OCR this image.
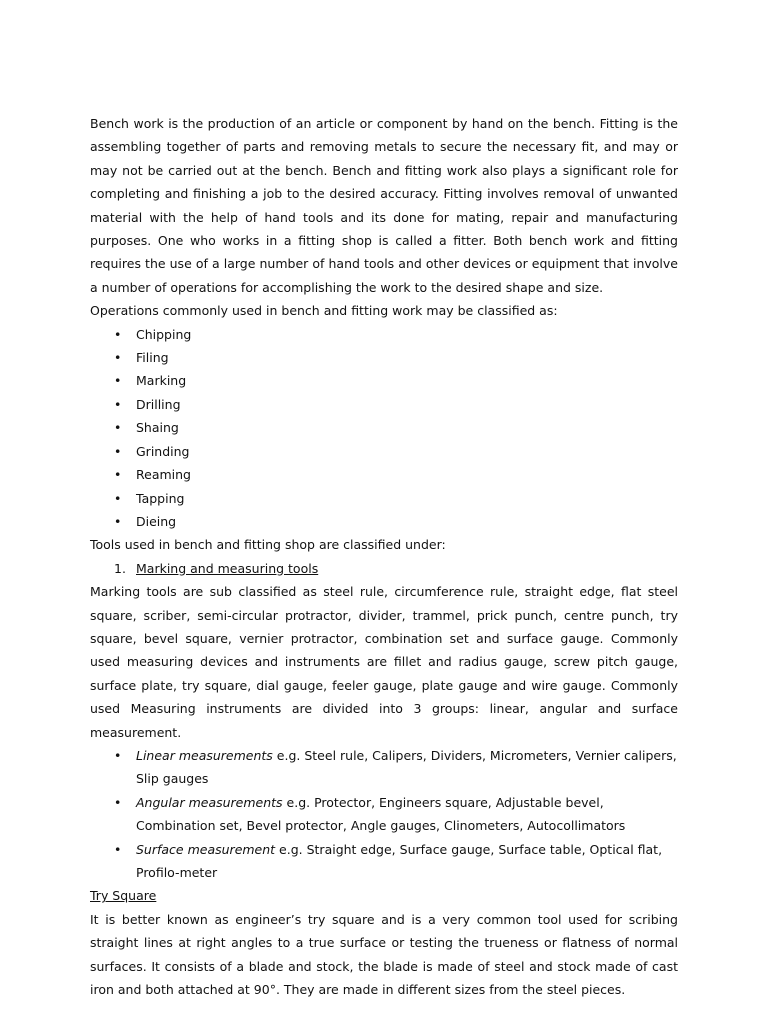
Bench work is the production of an article or component by hand on the bench. Fitting is the assembling together of parts and removing metals to secure the necessary fit, and may or may not be carried out at the bench. Bench and fitting work also plays a significant role for completing and finishing a job to the desired accuracy. Fitting involves removal of unwanted material with the help of hand tools and its done for mating, repair and manufacturing purposes. One who works in a fitting shop is called a fitter. Both bench work and fitting requires the use of a large number of hand tools and other devices or equipment that involve a number of operations for accomplishing the work to the desired shape and size.

Operations commonly used in bench and fitting work may be classified as:

• Chipping
• Filing
• Marking
• Drilling
• Shaing
• Grinding
• Reaming
• Tapping
• Dieing

Tools used in bench and fitting shop are classified under:

1. Marking and measuring tools

Marking tools are sub classified as steel rule, circumference rule, straight edge, flat steel square, scriber, semi-circular protractor, divider, trammel, prick punch, centre punch, try square, bevel square, vernier protractor, combination set and surface gauge. Commonly used measuring devices and instruments are fillet and radius gauge, screw pitch gauge, surface plate, try square, dial gauge, feeler gauge, plate gauge and wire gauge. Commonly used Measuring instruments are divided into 3 groups: linear, angular and surface measurement.

• Linear measurements e.g. Steel rule, Calipers, Dividers, Micrometers, Vernier calipers, Slip gauges
• Angular measurements e.g. Protector, Engineers square, Adjustable bevel, Combination set, Bevel protector, Angle gauges, Clinometers, Autocollimators
• Surface measurement e.g. Straight edge, Surface gauge, Surface table, Optical flat, Profilo-meter

Try Square

It is better known as engineer’s try square and is a very common tool used for scribing straight lines at right angles to a true surface or testing the trueness or flatness of normal surfaces. It consists of a blade and stock, the blade is made of steel and stock made of cast iron and both attached at 90°. They are made in different sizes from the steel pieces.
